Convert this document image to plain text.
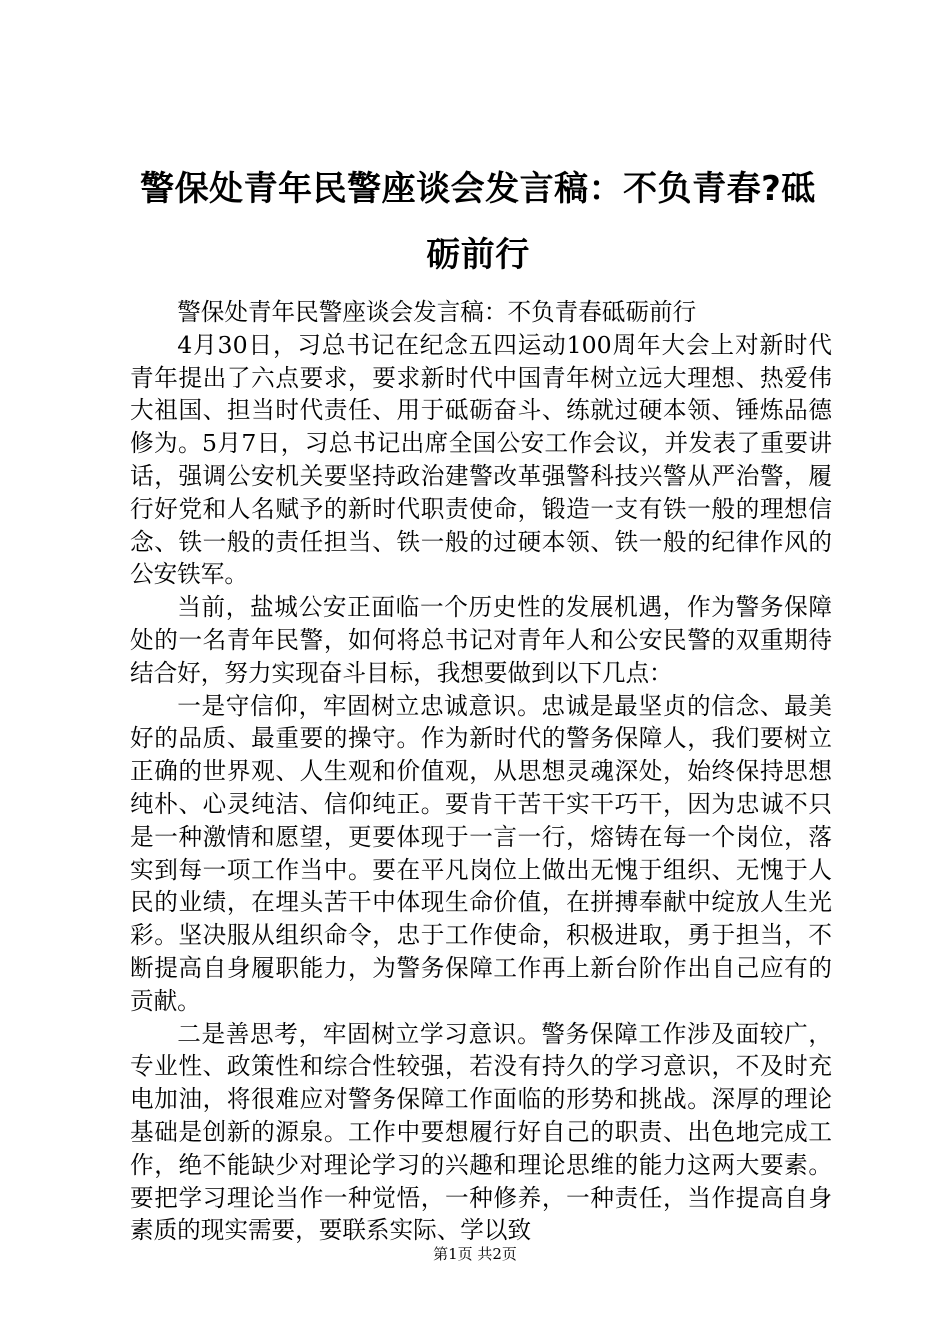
警保处青年民警座谈会发言稿：不负青春?砥砺前行

警保处青年民警座谈会发言稿：不负青春砥砺前行

4月30日，习总书记在纪念五四运动100周年大会上对新时代青年提出了六点要求，要求新时代中国青年树立远大理想、热爱伟大祖国、担当时代责任、用于砥砺奋斗、练就过硬本领、锤炼品德修为。5月7日，习总书记出席全国公安工作会议，并发表了重要讲话，强调公安机关要坚持政治建警改革强警科技兴警从严治警，履行好党和人名赋予的新时代职责使命，锻造一支有铁一般的理想信念、铁一般的责任担当、铁一般的过硬本领、铁一般的纪律作风的公安铁军。

当前，盐城公安正面临一个历史性的发展机遇，作为警务保障处的一名青年民警，如何将总书记对青年人和公安民警的双重期待结合好，努力实现奋斗目标，我想要做到以下几点：

一是守信仰，牢固树立忠诚意识。忠诚是最坚贞的信念、最美好的品质、最重要的操守。作为新时代的警务保障人，我们要树立正确的世界观、人生观和价值观，从思想灵魂深处，始终保持思想纯朴、心灵纯洁、信仰纯正。要肯干苦干实干巧干，因为忠诚不只是一种激情和愿望，更要体现于一言一行，熔铸在每一个岗位，落实到每一项工作当中。要在平凡岗位上做出无愧于组织、无愧于人民的业绩，在埋头苦干中体现生命价值，在拼搏奉献中绽放人生光彩。坚决服从组织命令，忠于工作使命，积极进取，勇于担当，不断提高自身履职能力，为警务保障工作再上新台阶作出自己应有的贡献。

二是善思考，牢固树立学习意识。警务保障工作涉及面较广，专业性、政策性和综合性较强，若没有持久的学习意识，不及时充电加油，将很难应对警务保障工作面临的形势和挑战。深厚的理论基础是创新的源泉。工作中要想履行好自己的职责、出色地完成工作，绝不能缺少对理论学习的兴趣和理论思维的能力这两大要素。要把学习理论当作一种觉悟，一种修养，一种责任，当作提高自身素质的现实需要，要联系实际、学以致

第1页 共2页
